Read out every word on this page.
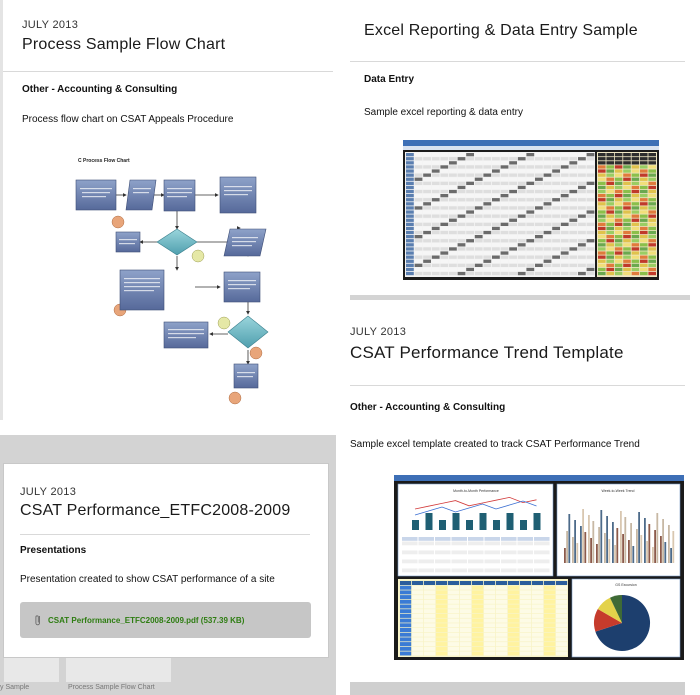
JULY 2013
Process Sample Flow Chart
Other - Accounting & Consulting
Process flow chart on CSAT Appeals Procedure
C Process Flow Chart
Excel Reporting & Data Entry Sample
Data Entry
Sample excel reporting & data entry
JULY 2013
CSAT Performance Trend Template
Other - Accounting & Consulting
Sample excel template created to track CSAT Performance Trend
Month-to-Month Performance	Week-to-Week Trend
GS Excursion
y Sample	Process Sample Flow Chart
JULY 2013
CSAT Performance_ETFC2008-2009
Presentations
Presentation created to show CSAT performance of a site
CSAT Performance_ETFC2008-2009.pdf (537.39 KB)
